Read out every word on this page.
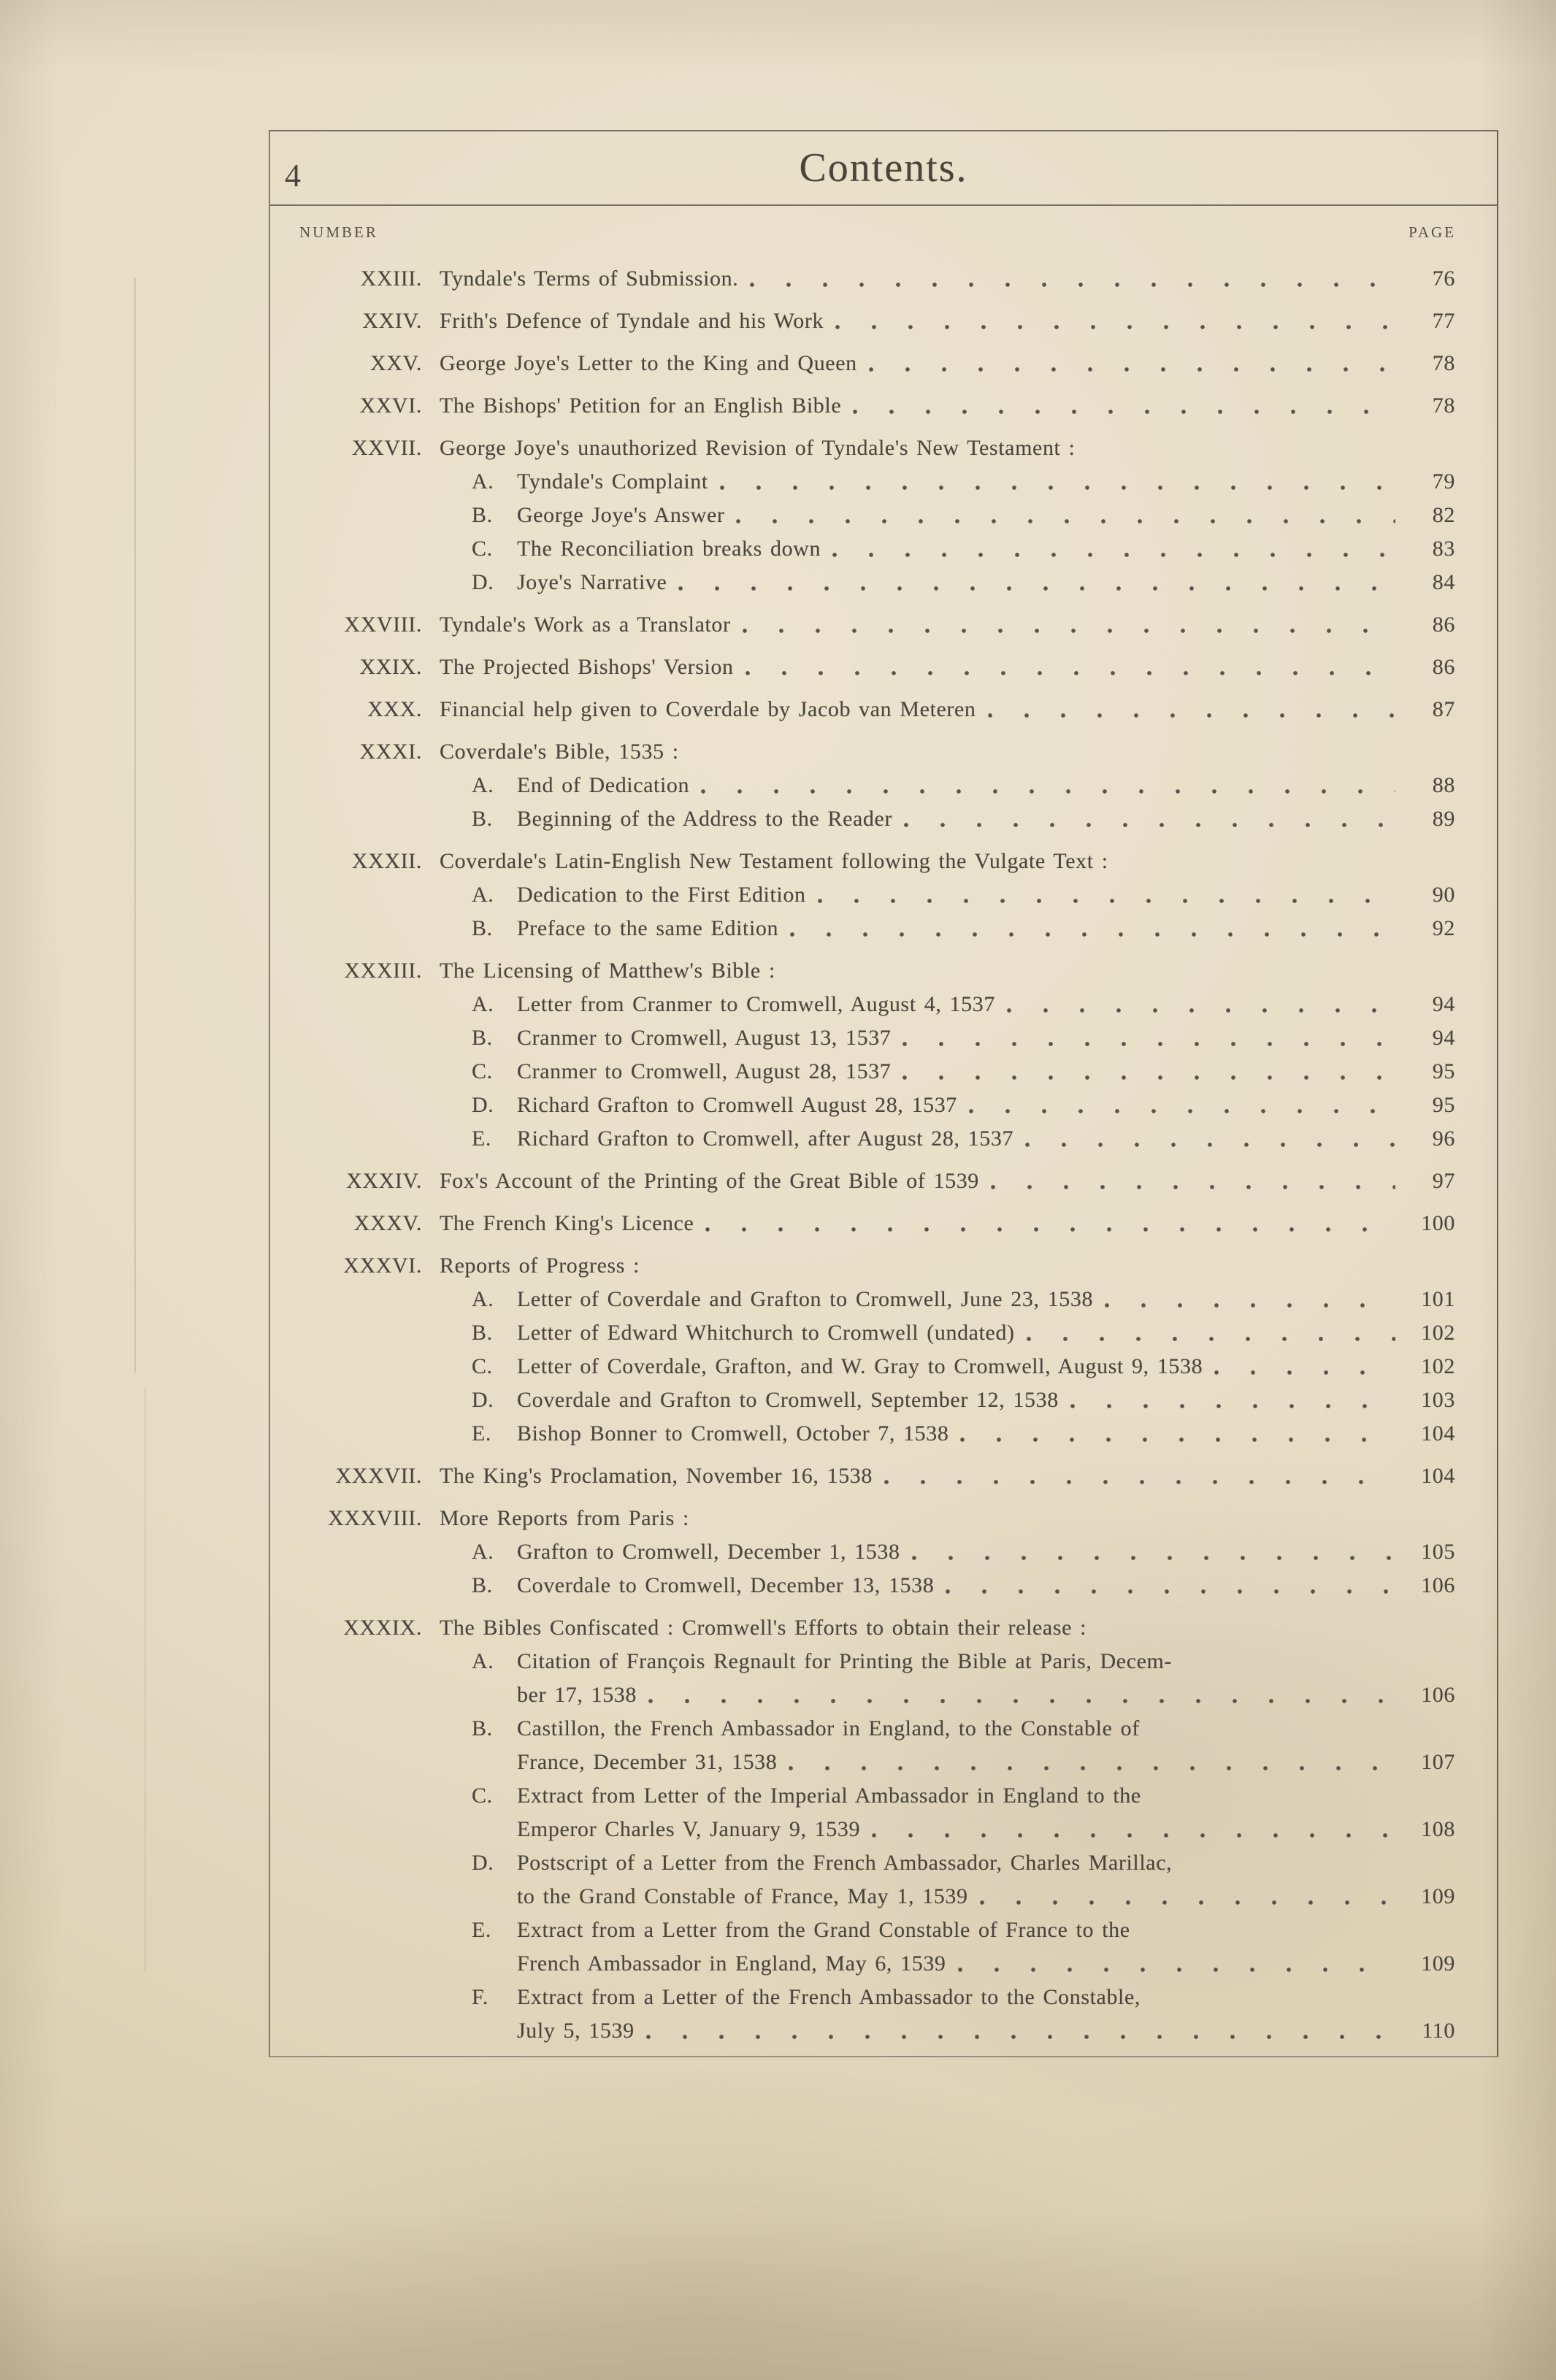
4	Contents.
NUMBER	PAGE
XXIII. Tyndale's Terms of Submission.	76
XXIV. Frith's Defence of Tyndale and his Work	77
XXV. George Joye's Letter to the King and Queen	78
XXVI. The Bishops' Petition for an English Bible	78
XXVII. George Joye's unauthorized Revision of Tyndale's New Testament :
A.	Tyndale's Complaint	79
B.	George Joye's Answer	82
C.	The Reconciliation breaks down	83
D.	Joye's Narrative	84
XXVIII. Tyndale's Work as a Translator	86
XXIX. The Projected Bishops' Version	86
XXX. Financial help given to Coverdale by Jacob van Meteren	87
XXXI. Coverdale's Bible, 1535 :
A.	End of Dedication	88
B.	Beginning of the Address to the Reader	89
XXXII. Coverdale's Latin-English New Testament following the Vulgate Text :
A.	Dedication to the First Edition	90
B.	Preface to the same Edition	92
XXXIII. The Licensing of Matthew's Bible :
A.	Letter from Cranmer to Cromwell, August 4, 1537	94
B.	Cranmer to Cromwell, August 13, 1537	94
C.	Cranmer to Cromwell, August 28, 1537	95
D.	Richard Grafton to Cromwell August 28, 1537	95
E.	Richard Grafton to Cromwell, after August 28, 1537	96
XXXIV. Fox's Account of the Printing of the Great Bible of 1539	97
XXXV. The French King's Licence	100
XXXVI. Reports of Progress :
A.	Letter of Coverdale and Grafton to Cromwell, June 23, 1538	101
B.	Letter of Edward Whitchurch to Cromwell (undated)	102
C.	Letter of Coverdale, Grafton, and W. Gray to Cromwell, August 9, 1538	102
D.	Coverdale and Grafton to Cromwell, September 12, 1538	103
E.	Bishop Bonner to Cromwell, October 7, 1538	104
XXXVII. The King's Proclamation, November 16, 1538	104
XXXVIII. More Reports from Paris :
A.	Grafton to Cromwell, December 1, 1538	105
B.	Coverdale to Cromwell, December 13, 1538	106
XXXIX. The Bibles Confiscated : Cromwell's Efforts to obtain their release :
A.	Citation of François Regnault for Printing the Bible at Paris, Decem-
ber 17, 1538	106
B.	Castillon, the French Ambassador in England, to the Constable of
France, December 31, 1538	107
C.	Extract from Letter of the Imperial Ambassador in England to the
Emperor Charles V, January 9, 1539	108
D.	Postscript of a Letter from the French Ambassador, Charles Marillac,
to the Grand Constable of France, May 1, 1539	109
E.	Extract from a Letter from the Grand Constable of France to the
French Ambassador in England, May 6, 1539	109
F.	Extract from a Letter of the French Ambassador to the Constable,
July 5, 1539	110
